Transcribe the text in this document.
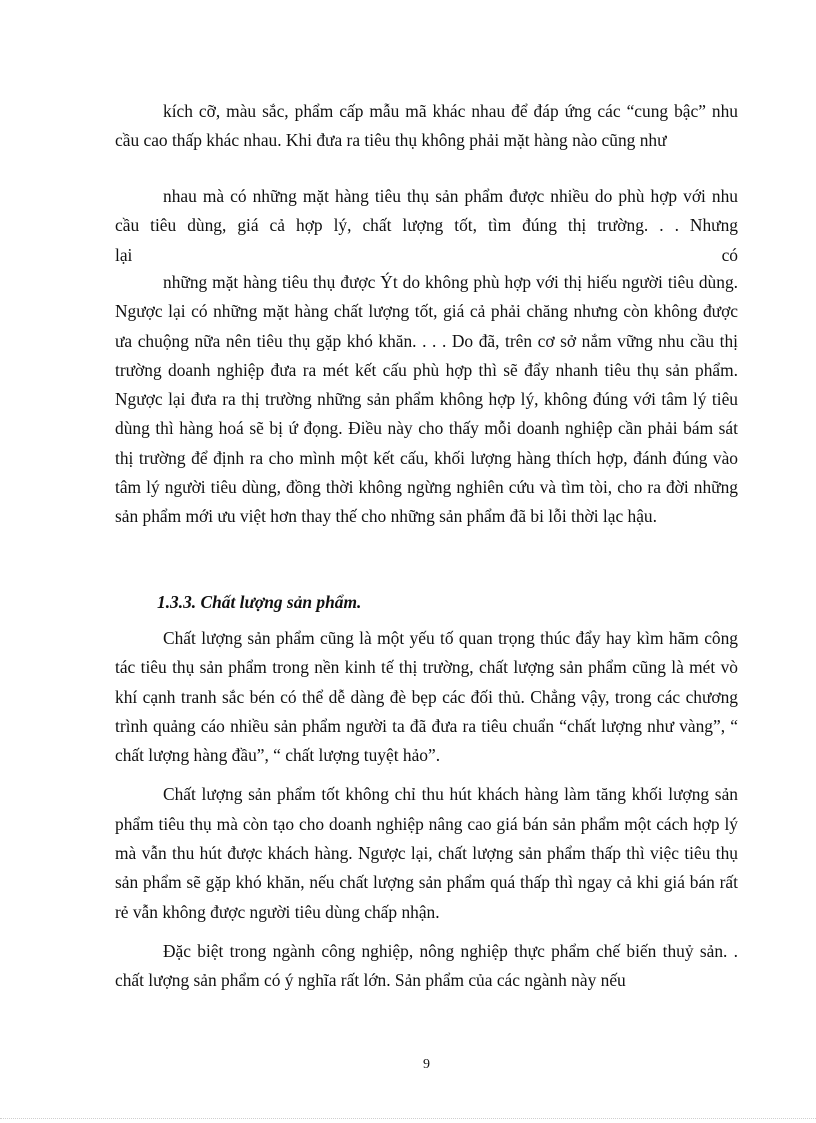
kích cỡ, màu sắc, phẩm cấp mẫu mã khác nhau để đáp ứng các “cung bậc” nhu cầu cao thấp khác nhau. Khi đưa ra tiêu thụ không phải mặt hàng nào cũng như

nhau mà có những mặt hàng tiêu thụ sản phẩm được nhiều do phù hợp với nhu cầu tiêu dùng, giá cả hợp lý, chất lượng tốt, tìm đúng thị trường. . . Nhưng

lại có

những mặt hàng tiêu thụ được Ýt do không phù hợp với thị hiếu người tiêu dùng. Ngược lại có những mặt hàng chất lượng tốt, giá cả phải chăng nhưng còn không được ưa chuộng nữa nên tiêu thụ gặp khó khăn. . . . Do đã, trên cơ sở nắm vững nhu cầu thị trường doanh nghiệp đưa ra mét kết cấu phù hợp thì sẽ đẩy nhanh tiêu thụ sản phẩm. Ngược lại đưa ra thị trường những sản phẩm không hợp lý, không đúng với tâm lý tiêu dùng thì hàng hoá sẽ bị ứ đọng. Điều này cho thấy mỗi doanh nghiệp cần phải bám sát thị trường để định ra cho mình một kết cấu, khối lượng hàng thích hợp, đánh đúng vào tâm lý người tiêu dùng, đồng thời không ngừng nghiên cứu và tìm tòi, cho ra đời những sản phẩm mới ưu việt hơn thay thế cho những sản phẩm đã bi lỗi thời lạc hậu.

1.3.3. Chất lượng sản phẩm.

Chất lượng sản phẩm cũng là một yếu tố quan trọng thúc đẩy hay kìm hãm công tác tiêu thụ sản phẩm trong nền kinh tế thị trường, chất lượng sản phẩm cũng là mét vò khí cạnh tranh sắc bén có thể dễ dàng đè bẹp các đối thủ. Chẳng vậy, trong các chương trình quảng cáo nhiều sản phẩm người ta đã đưa ra tiêu chuẩn “chất lượng như vàng”, “ chất lượng hàng đầu”, “ chất lượng tuyệt hảo”.

Chất lượng sản phẩm tốt không chỉ thu hút khách hàng làm tăng khối lượng sản phẩm tiêu thụ mà còn tạo cho doanh nghiệp nâng cao giá bán sản phẩm một cách hợp lý mà vẫn thu hút được khách hàng. Ngược lại, chất lượng sản phẩm thấp thì việc tiêu thụ sản phẩm sẽ gặp khó khăn, nếu chất lượng sản phẩm quá thấp thì ngay cả khi giá bán rất rẻ vẫn không được người tiêu dùng chấp nhận.

Đặc biệt trong ngành công nghiệp, nông nghiệp thực phẩm chế biến thuỷ sản. . chất lượng sản phẩm có ý nghĩa rất lớn. Sản phẩm của các ngành này nếu

9
